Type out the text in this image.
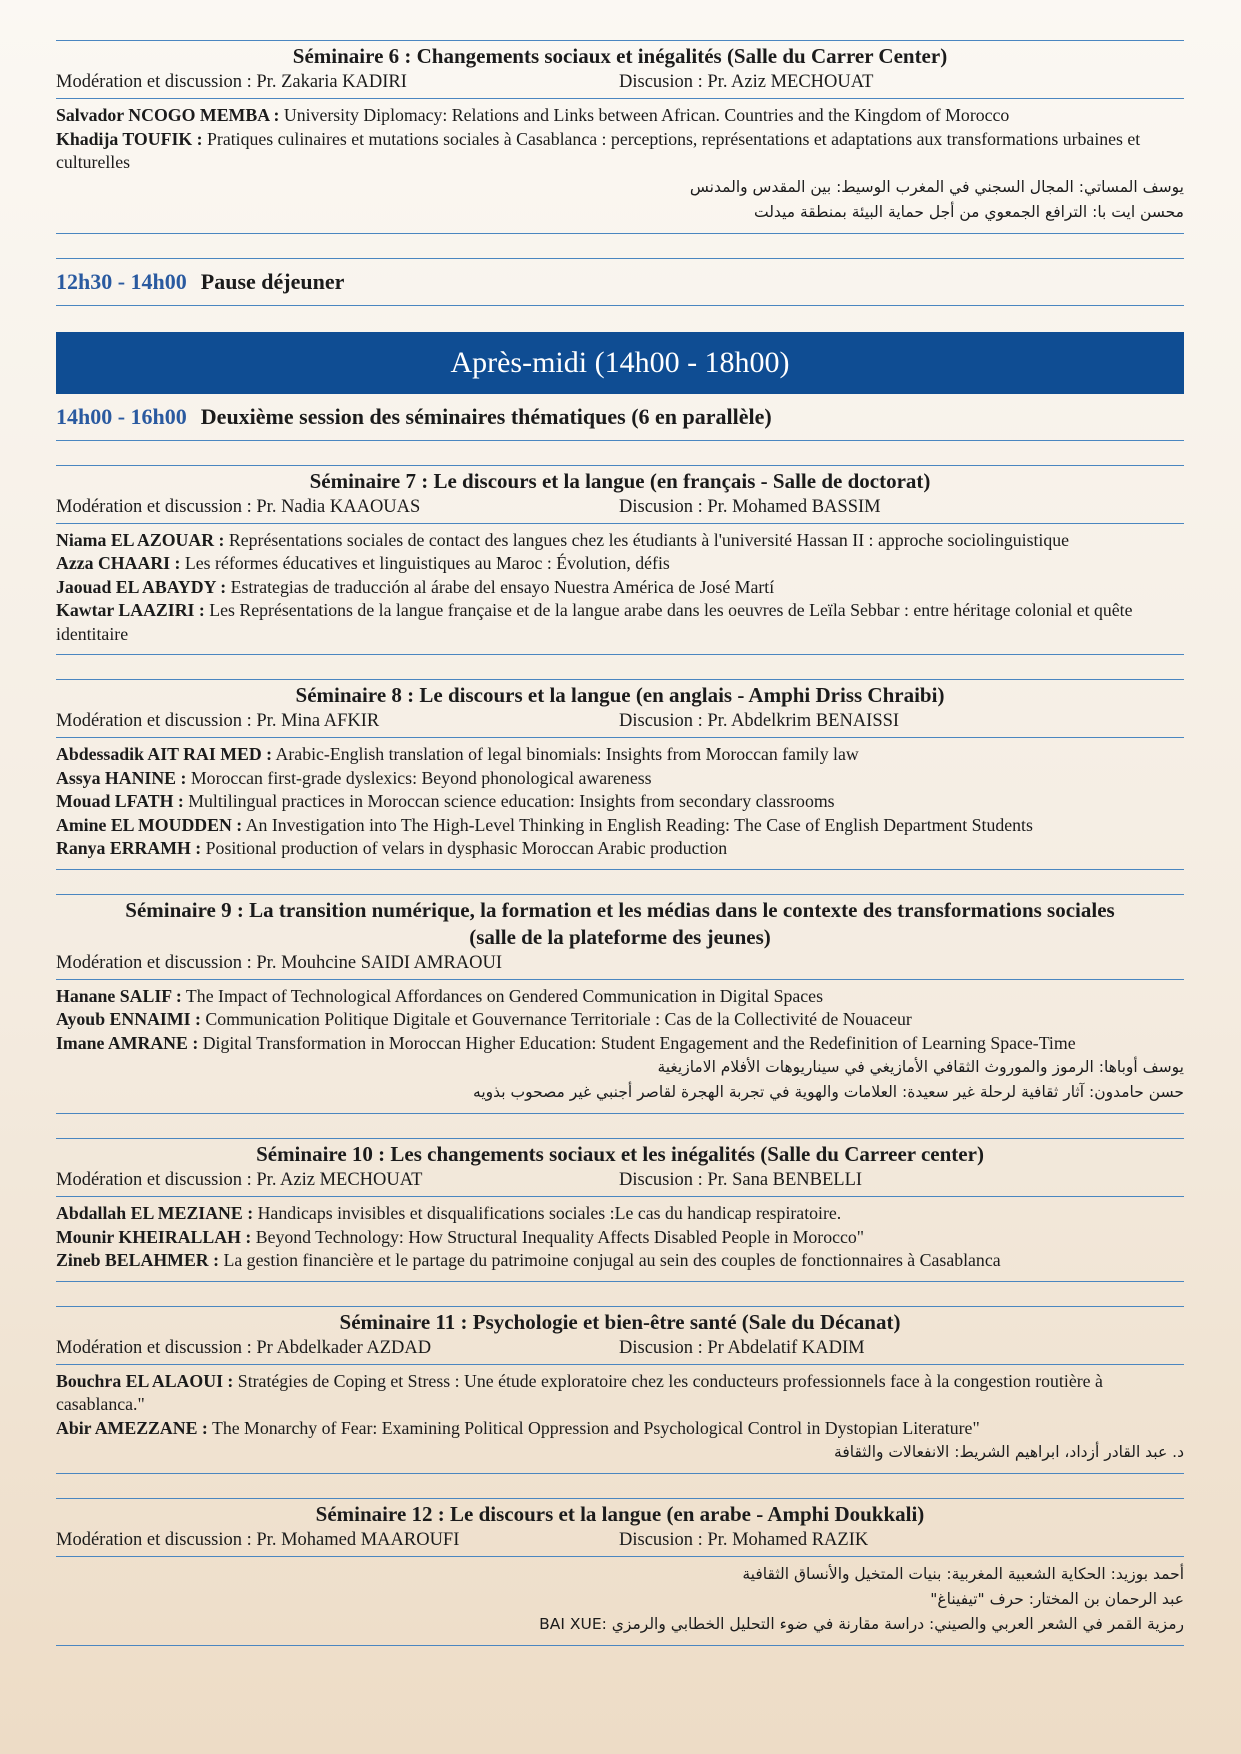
Séminaire 6 : Changements sociaux et inégalités (Salle du Carrer Center)
Modération et discussion : Pr. Zakaria KADIRI	Discusion : Pr. Aziz MECHOUAT
Salvador NCOGO MEMBA : University Diplomacy: Relations and Links between African. Countries and the Kingdom of Morocco
Khadija TOUFIK : Pratiques culinaires et mutations sociales à Casablanca : perceptions, représentations et adaptations aux transformations urbaines et culturelles
يوسف المساتي: المجال السجني في المغرب الوسيط: بين المقدس والمدنس
محسن ايت با: الترافع الجمعوي من أجل حماية البيئة بمنطقة ميدلت
12h30 - 14h00 Pause déjeuner
Après-midi (14h00 - 18h00)
14h00 - 16h00 Deuxième session des séminaires thématiques (6 en parallèle)
Séminaire 7 : Le discours et la langue (en français - Salle de doctorat)
Modération et discussion : Pr. Nadia KAAOUAS	Discusion : Pr. Mohamed BASSIM
Niama EL AZOUAR : Représentations sociales de contact des langues chez les étudiants à l'université Hassan II : approche sociolinguistique
Azza CHAARI : Les réformes éducatives et linguistiques au Maroc : Évolution, défis
Jaouad EL ABAYDY : Estrategias de traducción al árabe del ensayo Nuestra América de José Martí
Kawtar LAAZIRI : Les Représentations de la langue française et de la langue arabe dans les oeuvres de Leïla Sebbar : entre héritage colonial et quête identitaire
Séminaire 8 : Le discours et la langue (en anglais - Amphi Driss Chraibi)
Modération et discussion : Pr. Mina AFKIR	Discusion : Pr. Abdelkrim BENAISSI
Abdessadik AIT RAI MED : Arabic-English translation of legal binomials: Insights from Moroccan family law
Assya HANINE : Moroccan first-grade dyslexics: Beyond phonological awareness
Mouad LFATH : Multilingual practices in Moroccan science education: Insights from secondary classrooms
Amine EL MOUDDEN : An Investigation into The High-Level Thinking in English Reading: The Case of English Department Students
Ranya ERRAMH : Positional production of velars in dysphasic Moroccan Arabic production
Séminaire 9 : La transition numérique, la formation et les médias dans le contexte des transformations sociales
(salle de la plateforme des jeunes)
Modération et discussion : Pr. Mouhcine SAIDI AMRAOUI
Hanane SALIF : The Impact of Technological Affordances on Gendered Communication in Digital Spaces
Ayoub ENNAIMI : Communication Politique Digitale et Gouvernance Territoriale : Cas de la Collectivité de Nouaceur
Imane AMRANE : Digital Transformation in Moroccan Higher Education: Student Engagement and the Redefinition of Learning Space-Time
يوسف أوباها: الرموز والموروث الثقافي الأمازيغي في سيناريوهات الأفلام الامازيغية
حسن حامدون: آثار ثقافية لرحلة غير سعيدة: العلامات والهوية في تجربة الهجرة لقاصر أجنبي غير مصحوب بذويه
Séminaire 10 : Les changements sociaux et les inégalités (Salle du Carreer center)
Modération et discussion : Pr. Aziz MECHOUAT	Discusion : Pr. Sana BENBELLI
Abdallah EL MEZIANE : Handicaps invisibles et disqualifications sociales :Le cas du handicap respiratoire.
Mounir KHEIRALLAH : Beyond Technology: How Structural Inequality Affects Disabled People in Morocco"
Zineb BELAHMER : La gestion financière et le partage du patrimoine conjugal au sein des couples de fonctionnaires à Casablanca
Séminaire 11 : Psychologie et bien-être santé (Sale du Décanat)
Modération et discussion : Pr Abdelkader AZDAD	Discusion : Pr Abdelatif KADIM
Bouchra EL ALAOUI : Stratégies de Coping et Stress : Une étude exploratoire chez les conducteurs professionnels face à la congestion routière à casablanca."
Abir AMEZZANE : The Monarchy of Fear: Examining Political Oppression and Psychological Control in Dystopian Literature"
د. عبد القادر أزداد، ابراهيم الشريط: الانفعالات والثقافة
Séminaire 12 : Le discours et la langue (en arabe - Amphi Doukkali)
Modération et discussion : Pr. Mohamed MAAROUFI	Discusion : Pr. Mohamed RAZIK
أحمد بوزيد: الحكاية الشعبية المغربية: بنيات المتخيل والأنساق الثقافية
عبد الرحمان بن المختار: حرف "تيفيناغ"
BAI XUE: رمزية القمر في الشعر العربي والصيني: دراسة مقارنة في ضوء التحليل الخطابي والرمزي
